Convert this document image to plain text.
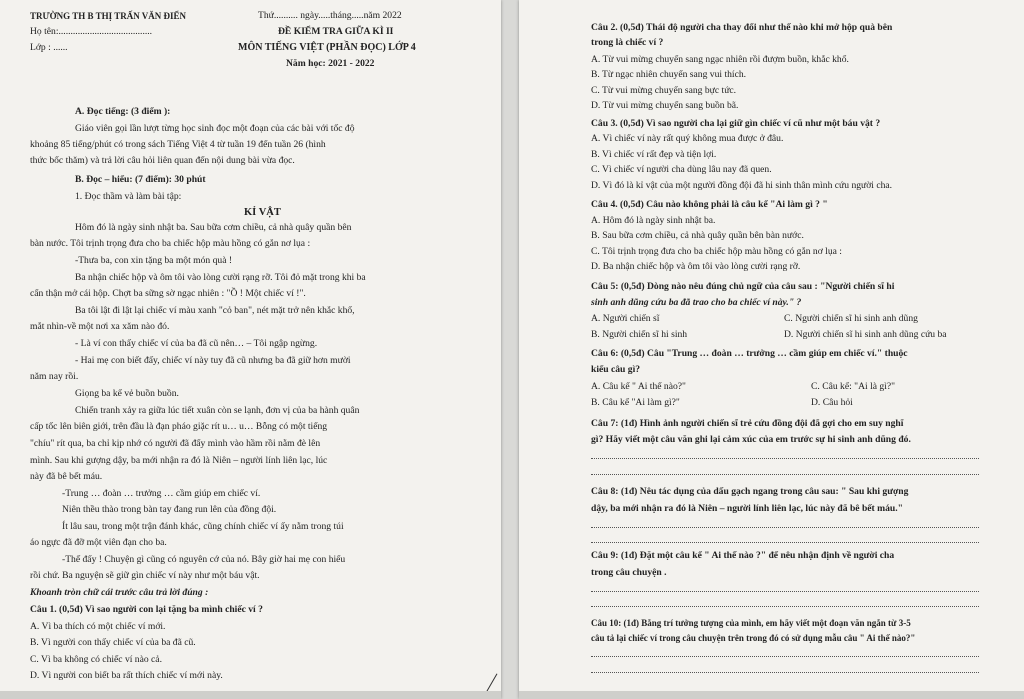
TRƯỜNG TH B THỊ TRẤN VĂN ĐIỂN	Thứ.......... ngày.....tháng.....năm 2022
Họ tên:.......................................	ĐỀ KIỂM TRA GIỮA KÌ II
Lớp : ......	MÔN TIẾNG VIỆT (PHẦN ĐỌC) LỚP 4
Năm học: 2021 - 2022
A. Đọc tiếng: (3 điểm ):
Giáo viên gọi lần lượt từng học sinh đọc một đoạn của các bài với tốc độ
khoảng 85 tiếng/phút có trong sách Tiếng Việt 4 từ tuần 19 đến tuần 26 (hình
thức bốc thăm) và trả lời câu hỏi liên quan đến nội dung bài vừa đọc.
B. Đọc – hiểu: (7 điểm): 30 phút
1. Đọc thầm và làm bài tập:
KỈ VẬT
Hôm đó là ngày sinh nhật ba. Sau bữa cơm chiều, cả nhà quây quần bên
bàn nước. Tôi trịnh trọng đưa cho ba chiếc hộp màu hồng có gắn nơ lụa :
-Thưa ba, con xin tặng ba một món quà !
Ba nhận chiếc hộp và ôm tôi vào lòng cười rạng rỡ. Tôi đỏ mặt trong khi ba
cẩn thận mở cái hộp. Chợt ba sững sờ ngạc nhiên : "Ồ ! Một chiếc ví !".
Ba tôi lật đi lật lại chiếc ví màu xanh "cỏ ban", nét mặt trở nên khắc khổ,
mắt nhìn-về một nơi xa xăm nào đó.
- Là ví con thấy chiếc ví của ba đã cũ nên… – Tôi ngập ngừng.
- Hai mẹ con biết đấy, chiếc ví này tuy đã cũ nhưng ba đã giữ hơn mười
năm nay rồi.
Giọng ba kể vẻ buồn buồn.
Chiến tranh xảy ra giữa lúc tiết xuân còn se lạnh, đơn vị của ba hành quân
cấp tốc lên biên giới, trên đầu là đạn pháo giặc rít u… u… Bỗng có một tiếng
"chíu" rít qua, ba chỉ kịp nhớ có người đã đẩy mình vào hầm rồi nằm đè lên
mình. Sau khi gượng dậy, ba mới nhận ra đó là Niên – người lính liên lạc, lúc
này đã bê bết máu.
-Trung … đoàn … trưởng … cầm giúp em chiếc ví.
Niên thều thào trong bàn tay đang run lên của đồng đội.
Ít lâu sau, trong một trận đánh khác, cũng chính chiếc ví ấy nằm trong túi
áo ngực đã đỡ một viên đạn cho ba.
-Thế đấy ! Chuyện gì cũng có nguyên cớ của nó. Bây giờ hai mẹ con hiểu
rồi chứ. Ba nguyện sẽ giữ gìn chiếc ví này như một báu vật.
Khoanh tròn chữ cái trước câu trả lời đúng :
Câu 1. (0,5đ) Vì sao người con lại tặng ba mình chiếc ví ?
A. Vì ba thích có một chiếc ví mới.
B. Vì người con thấy chiếc ví của ba đã cũ.
C. Vì ba không có chiếc ví nào cả.
D. Vì người con biết ba rất thích chiếc ví mới này.
Câu 2. (0,5đ) Thái độ người cha thay đổi như thế nào khi mở hộp quà bên
trong là chiếc ví ?
A. Từ vui mừng chuyển sang ngạc nhiên rồi đượm buồn, khắc khổ.
B. Từ ngạc nhiên chuyển sang vui thích.
C. Từ vui mừng chuyển sang bực tức.
D. Từ vui mừng chuyển sang buồn bã.
Câu 3. (0,5đ) Vì sao người cha lại giữ gìn chiếc ví cũ như một báu vật ?
A. Vì chiếc ví này rất quý không mua được ở đâu.
B. Vì chiếc ví rất đẹp và tiện lợi.
C. Vì chiếc ví người cha dùng lâu nay đã quen.
D. Vì đó là kỉ vật của một người đồng đội đã hi sinh thân mình cứu người cha.
Câu 4. (0,5đ) Câu nào không phải là câu kể "Ai làm gì ? "
A. Hôm đó là ngày sinh nhật ba.
B. Sau bữa cơm chiều, cả nhà quây quần bên bàn nước.
C. Tôi trịnh trọng đưa cho ba chiếc hộp màu hồng có gắn nơ lụa :
D. Ba nhận chiếc hộp và ôm tôi vào lòng cười rạng rỡ.
Câu 5: (0,5đ) Dòng nào nêu đúng chủ ngữ của câu sau : "Người chiến sĩ hi
sinh anh dũng cứu ba đã trao cho ba chiếc ví này." ?
A. Người chiến sĩ	C. Người chiến sĩ hi sinh anh dũng
B. Người chiến sĩ hi sinh	D. Người chiến sĩ hi sinh anh dũng cứu ba
Câu 6: (0,5đ) Câu "Trung … đoàn … trưởng … cầm giúp em chiếc ví." thuộc
kiểu câu gì?
A. Câu kể " Ai thế nào?"	C. Câu kể: "Ai là gì?"
B. Câu kể "Ai làm gì?"	D. Câu hỏi
Câu 7: (1đ) Hình ảnh người chiến sĩ trẻ cứu đồng đội đã gợi cho em suy nghĩ
gì? Hãy viết một câu văn ghi lại cảm xúc của em trước sự hi sinh anh dũng đó.
Câu 8: (1đ) Nêu tác dụng của dấu gạch ngang trong câu sau: " Sau khi gượng
dậy, ba mới nhận ra đó là Niên – người lính liên lạc, lúc này đã bê bết máu."
Câu 9: (1đ) Đặt một câu kể " Ai thế nào ?" để nêu nhận định về người cha
trong câu chuyện .
Câu 10: (1đ) Bằng trí tưởng tượng của mình, em hãy viết một đoạn văn ngắn từ 3-5
câu tả lại chiếc ví trong câu chuyện trên trong đó có sử dụng mẫu câu " Ai thế nào?"
